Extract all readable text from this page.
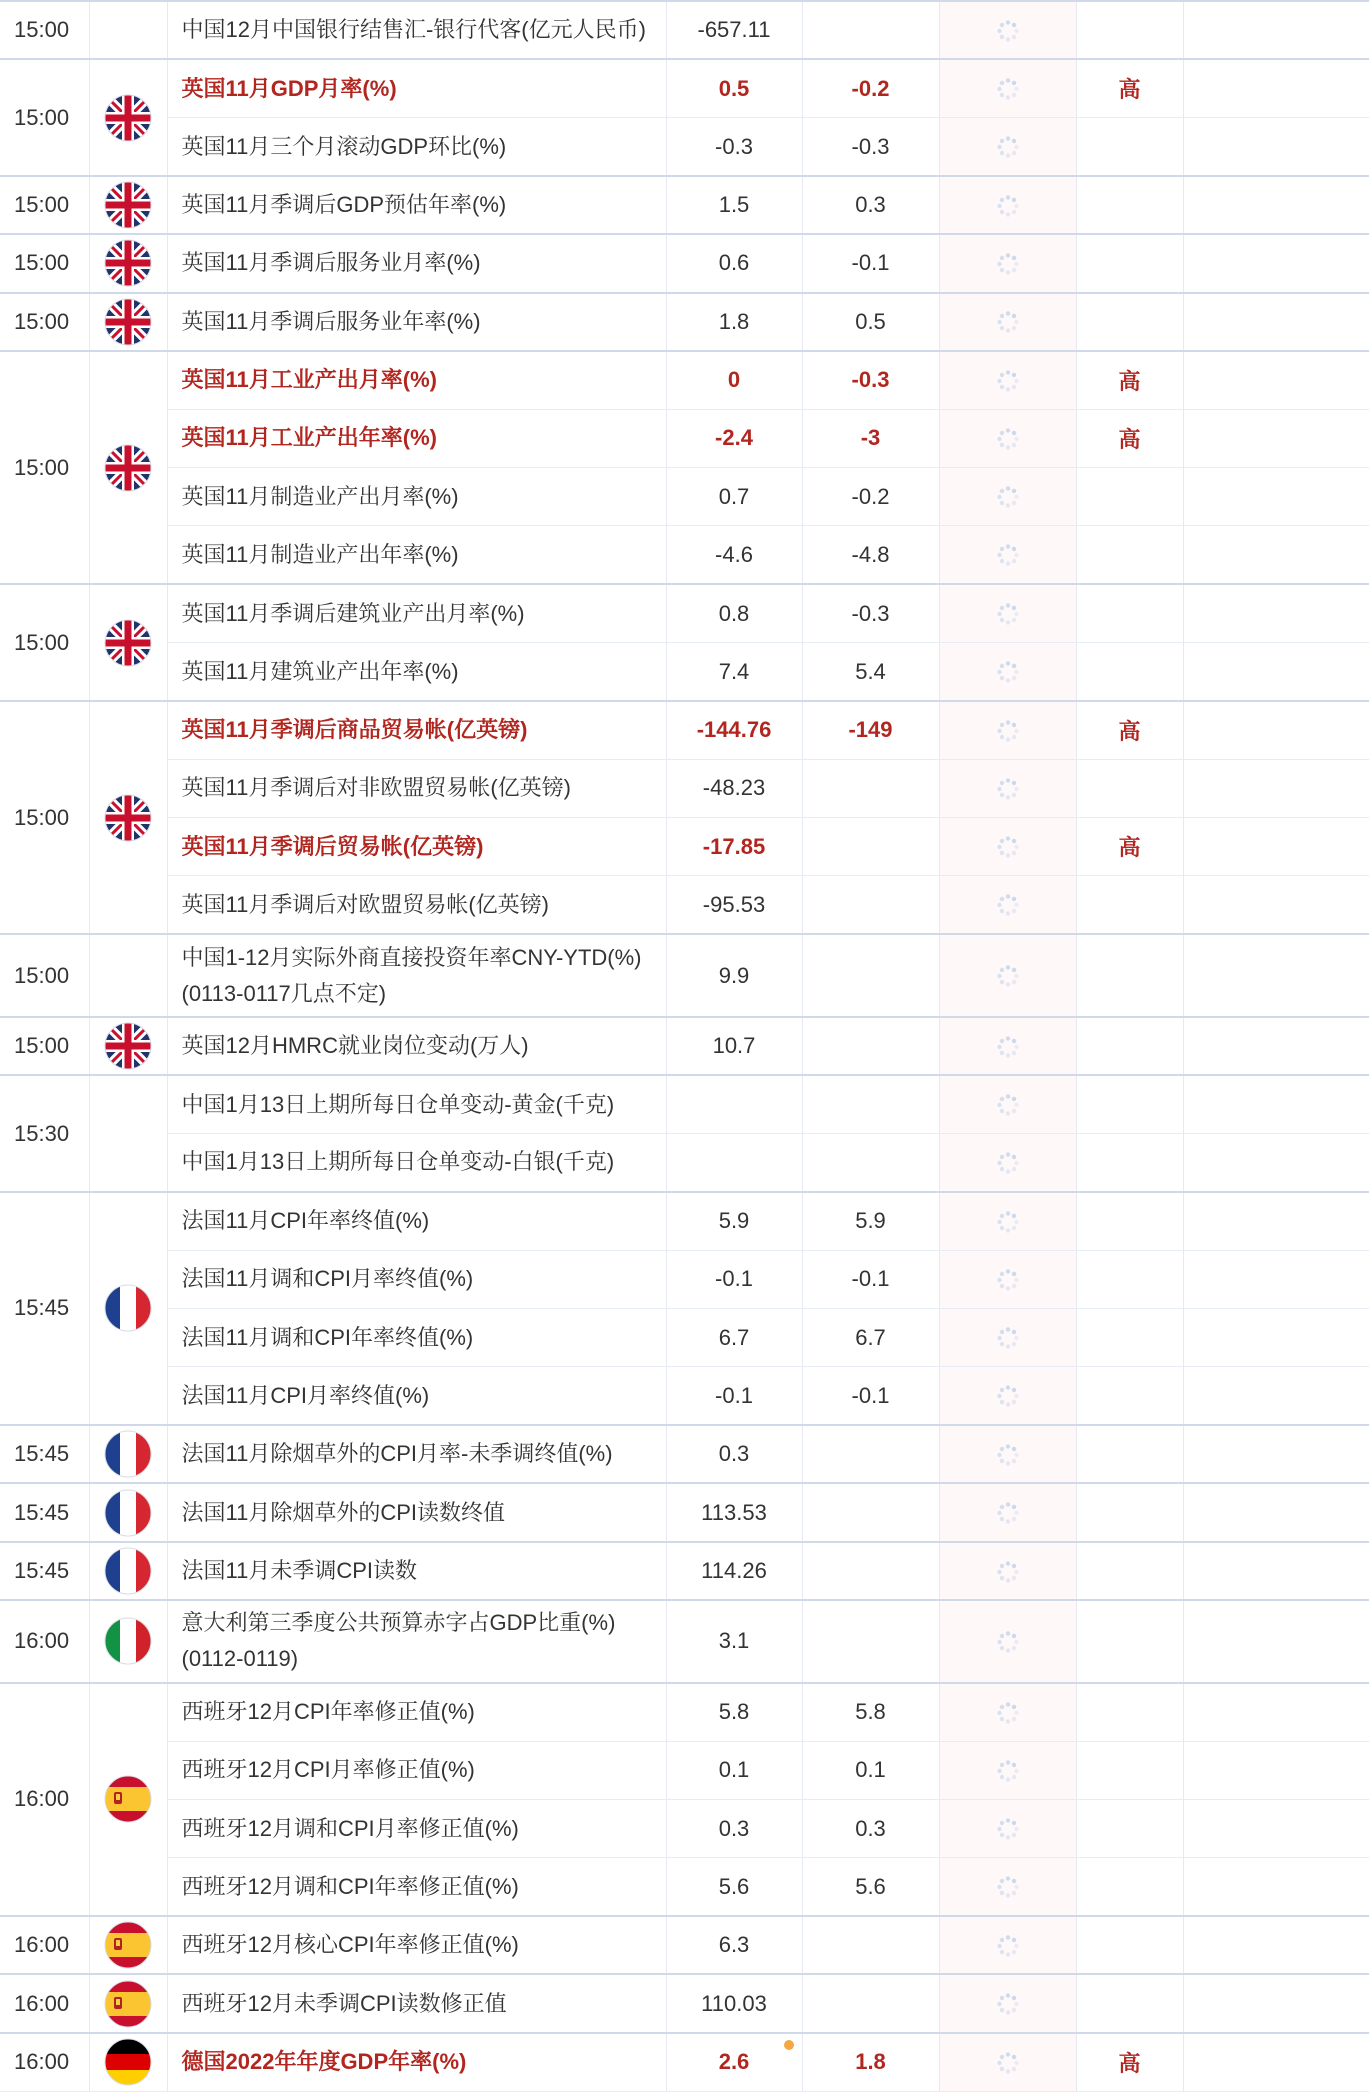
15:00		中国12月中国银行结售汇-银行代客(亿元人民币)	-657.11				
15:00		英国11月GDP月率(%)	0.5	-0.2		高	
		英国11月三个月滚动GDP环比(%)	-0.3	-0.3			
15:00		英国11月季调后GDP预估年率(%)	1.5	0.3			
15:00		英国11月季调后服务业月率(%)	0.6	-0.1			
15:00		英国11月季调后服务业年率(%)	1.8	0.5			
15:00		英国11月工业产出月率(%)	0	-0.3		高	
		英国11月工业产出年率(%)	-2.4	-3		高	
		英国11月制造业产出月率(%)	0.7	-0.2			
		英国11月制造业产出年率(%)	-4.6	-4.8			
15:00		英国11月季调后建筑业产出月率(%)	0.8	-0.3			
		英国11月建筑业产出年率(%)	7.4	5.4			
15:00		英国11月季调后商品贸易帐(亿英镑)	-144.76	-149		高	
		英国11月季调后对非欧盟贸易帐(亿英镑)	-48.23				
		英国11月季调后贸易帐(亿英镑)	-17.85			高	
		英国11月季调后对欧盟贸易帐(亿英镑)	-95.53				
15:00		中国1-12月实际外商直接投资年率CNY-YTD(%)
(0113-0117几点不定)	9.9				
15:00		英国12月HMRC就业岗位变动(万人)	10.7				
15:30		中国1月13日上期所每日仓单变动-黄金(千克)					
		中国1月13日上期所每日仓单变动-白银(千克)					
15:45		法国11月CPI年率终值(%)	5.9	5.9			
		法国11月调和CPI月率终值(%)	-0.1	-0.1			
		法国11月调和CPI年率终值(%)	6.7	6.7			
		法国11月CPI月率终值(%)	-0.1	-0.1			
15:45		法国11月除烟草外的CPI月率-未季调终值(%)	0.3				
15:45		法国11月除烟草外的CPI读数终值	113.53				
15:45		法国11月未季调CPI读数	114.26				
16:00		意大利第三季度公共预算赤字占GDP比重(%)
(0112-0119)	3.1				
16:00		西班牙12月CPI年率修正值(%)	5.8	5.8			
		西班牙12月CPI月率修正值(%)	0.1	0.1			
		西班牙12月调和CPI月率修正值(%)	0.3	0.3			
		西班牙12月调和CPI年率修正值(%)	5.6	5.6			
16:00		西班牙12月核心CPI年率修正值(%)	6.3				
16:00		西班牙12月未季调CPI读数修正值	110.03				
16:00		德国2022年年度GDP年率(%)	2.6	1.8		高	
